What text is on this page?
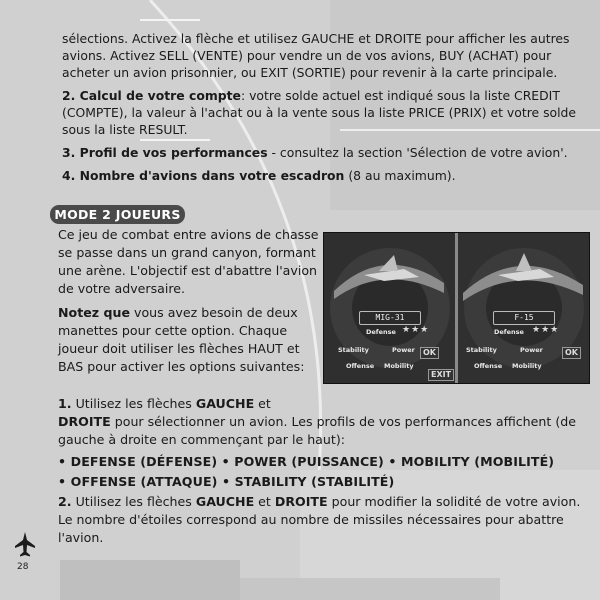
sélections. Activez la flèche et utilisez GAUCHE et DROITE pour afficher les autres avions. Activez SELL (VENTE) pour vendre un de vos avions, BUY (ACHAT) pour acheter un avion prisonnier, ou EXIT (SORTIE) pour revenir à la carte principale.

2. Calcul de votre compte: votre solde actuel est indiqué sous la liste CREDIT (COMPTE), la valeur à l'achat ou à la vente sous la liste PRICE (PRIX) et votre solde sous la liste RESULT.

3. Profil de vos performances - consultez la section 'Sélection de votre avion'.

4. Nombre d'avions dans votre escadron (8 au maximum).

MODE 2 JOUEURS

Ce jeu de combat entre avions de chasse se passe dans un grand canyon, formant une arène. L'objectif est d'abattre l'avion de votre adversaire.

Notez que vous avez besoin de deux manettes pour cette option. Chaque joueur doit utiliser les flèches HAUT et BAS pour activer les options suivantes:

MIG-31
Defense ★★★
Stability	Power
Offense Mobility
OK
EXIT
F-15
Defense ★★★
Stability	Power
Offense Mobility
OK

1. Utilisez les flèches GAUCHE et
DROITE pour sélectionner un avion. Les profils de vos performances affichent (de gauche à droite en commençant par le haut):

• DEFENSE (DÉFENSE) • POWER (PUISSANCE) • MOBILITY (MOBILITÉ)
• OFFENSE (ATTAQUE) • STABILITY (STABILITÉ)

2. Utilisez les flèches GAUCHE et DROITE pour modifier la solidité de votre avion. Le nombre d'étoiles correspond au nombre de missiles nécessaires pour abattre l'avion.

28
